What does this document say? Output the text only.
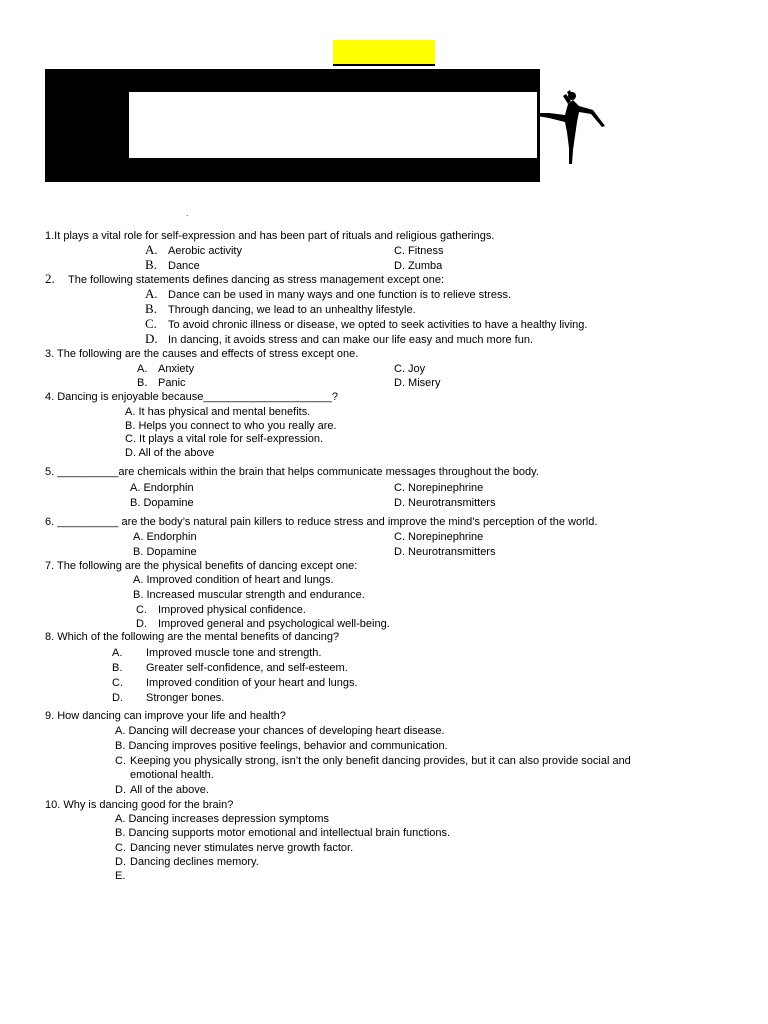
.
1.It plays a vital role for self-expression and has been part of rituals and religious gatherings.
A. Aerobic activity	C. Fitness
B. Dance	D. Zumba
2. The following statements defines dancing as stress management except one:
A. Dance can be used in many ways and one function is to relieve stress.
B. Through dancing, we lead to an unhealthy lifestyle.
C. To avoid chronic illness or disease, we opted to seek activities to have a healthy living.
D. In dancing, it avoids stress and can make our life easy and much more fun.
3. The following are the causes and effects of stress except one.
A. Anxiety	C. Joy
B. Panic	D. Misery
4. Dancing is enjoyable because_____________________?
A. It has physical and mental benefits.
B. Helps you connect to who you really are.
C. It plays a vital role for self-expression.
D. All of the above
5. __________are chemicals within the brain that helps communicate messages throughout the body.
A. Endorphin	C. Norepinephrine
B. Dopamine	D. Neurotransmitters
6. __________ are the body’s natural pain killers to reduce stress and improve the mind’s perception of the world.
A. Endorphin	C. Norepinephrine
B. Dopamine	D. Neurotransmitters
7. The following are the physical benefits of dancing except one:
A. Improved condition of heart and lungs.
B. Increased muscular strength and endurance.
C. Improved physical confidence.
D. Improved general and psychological well-being.
8. Which of the following are the mental benefits of dancing?
A. Improved muscle tone and strength.
B. Greater self-confidence, and self-esteem.
C. Improved condition of your heart and lungs.
D. Stronger bones.
9. How dancing can improve your life and health?
A. Dancing will decrease your chances of developing heart disease.
B. Dancing improves positive feelings, behavior and communication.
C. Keeping you physically strong, isn’t the only benefit dancing provides, but it can also provide social and
emotional health.
D. All of the above.
10. Why is dancing good for the brain?
A. Dancing increases depression symptoms
B. Dancing supports motor emotional and intellectual brain functions.
C. Dancing never stimulates nerve growth factor.
D. Dancing declines memory.
E.
